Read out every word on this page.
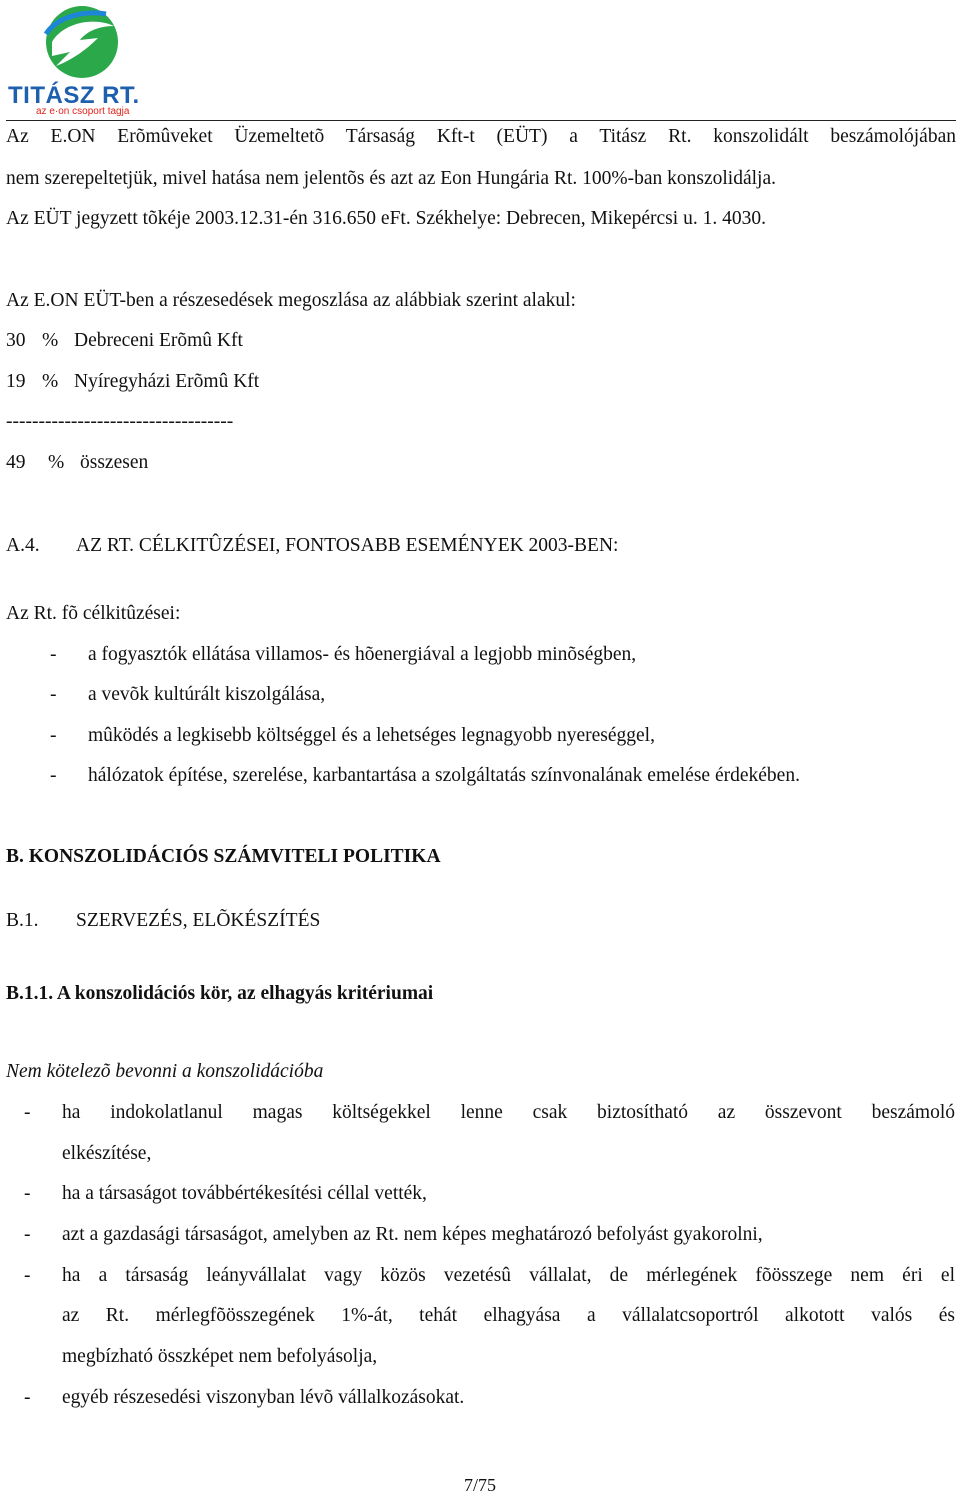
TITÁSZ RT.
az e·on csoport tagja
Az E.ON Erõmûveket Üzemeltetõ Társaság Kft-t (EÜT) a Titász Rt. konszolidált beszámolójában
nem szerepeltetjük, mivel hatása nem jelentõs és azt az Eon Hungária Rt. 100%-ban konszolidálja.
Az EÜT jegyzett tõkéje 2003.12.31-én 316.650 eFt. Székhelye: Debrecen, Mikepércsi u. 1. 4030.
Az E.ON EÜT-ben a részesedések megoszlása az alábbiak szerint alakul:
30 % Debreceni Erõmû Kft
19 % Nyíregyházi Erõmû Kft
-----------------------------------
49 % összesen
A.4. AZ RT. CÉLKITÛZÉSEI, FONTOSABB ESEMÉNYEK 2003-BEN:
Az Rt. fõ célkitûzései:
- a fogyasztók ellátása villamos- és hõenergiával a legjobb minõségben,
- a vevõk kultúrált kiszolgálása,
- mûködés a legkisebb költséggel és a lehetséges legnagyobb nyereséggel,
- hálózatok építése, szerelése, karbantartása a szolgáltatás színvonalának emelése érdekében.
B. KONSZOLIDÁCIÓS SZÁMVITELI POLITIKA
B.1. SZERVEZÉS, ELÕKÉSZÍTÉS
B.1.1. A konszolidációs kör, az elhagyás kritériumai
Nem kötelezõ bevonni a konszolidációba
- ha indokolatlanul magas költségekkel lenne csak biztosítható az összevont beszámoló
elkészítése,
- ha a társaságot továbbértékesítési céllal vették,
- azt a gazdasági társaságot, amelyben az Rt. nem képes meghatározó befolyást gyakorolni,
- ha a társaság leányvállalat vagy közös vezetésû vállalat, de mérlegének fõösszege nem éri el
az Rt. mérlegfõösszegének 1%-át, tehát elhagyása a vállalatcsoportról alkotott valós és
megbízható összképet nem befolyásolja,
- egyéb részesedési viszonyban lévõ vállalkozásokat.
7/75
